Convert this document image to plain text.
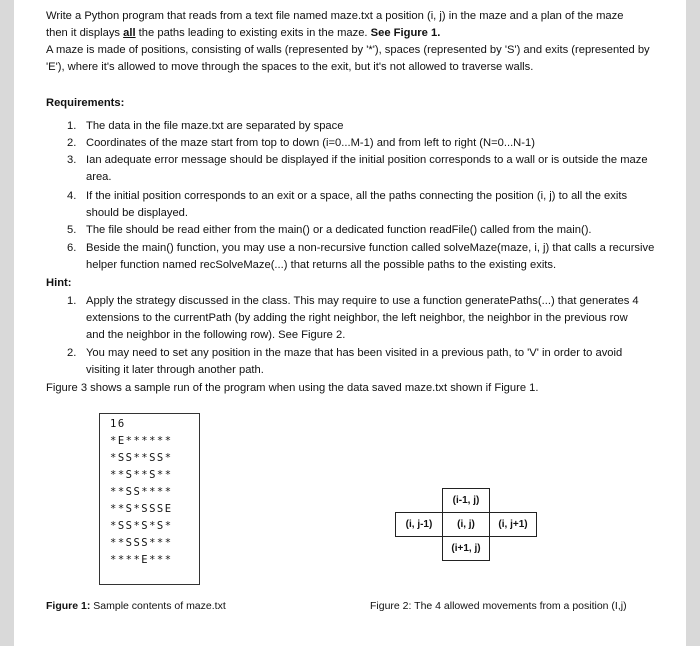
Write a Python program that reads from a text file named maze.txt a position (i, j) in the maze and a plan of the maze
then it displays all the paths leading to existing exits in the maze. See Figure 1.
A maze is made of positions, consisting of walls (represented by '*'), spaces (represented by 'S') and exits (represented by
'E'), where it's allowed to move through the spaces to the exit, but it's not allowed to traverse walls.
Requirements:
1. The data in the file maze.txt are separated by space
2. Coordinates of the maze start from top to down (i=0...M-1) and from left to right (N=0...N-1)
3. Ian adequate error message should be displayed if the initial position corresponds to a wall or is outside the maze
area.
4. If the initial position corresponds to an exit or a space, all the paths connecting the position (i, j) to all the exits
should be displayed.
5. The file should be read either from the main() or a dedicated function readFile() called from the main().
6. Beside the main() function, you may use a non-recursive function called solveMaze(maze, i, j) that calls a recursive
helper function named recSolveMaze(...) that returns all the possible paths to the existing exits.
Hint:
1. Apply the strategy discussed in the class. This may require to use a function generatePaths(...) that generates 4
extensions to the currentPath (by adding the right neighbor, the left neighbor, the neighbor in the previous row
and the neighbor in the following row). See Figure 2.
2. You may need to set any position in the maze that has been visited in a previous path, to 'V' in order to avoid
visiting it later through another path.
Figure 3 shows a sample run of the program when using the data saved maze.txt shown if Figure 1.
16
*E******
*SS**SS*
**S**S**
**SS****
**S*SSSE
*SS*S*S*
**SSS***
****E***
	(i-1, j)	
(i, j-1)	(i, j)	(i, j+1)
	(i+1, j)	
Figure 1: Sample contents of maze.txt	Figure 2: The 4 allowed movements from a position (I,j)
